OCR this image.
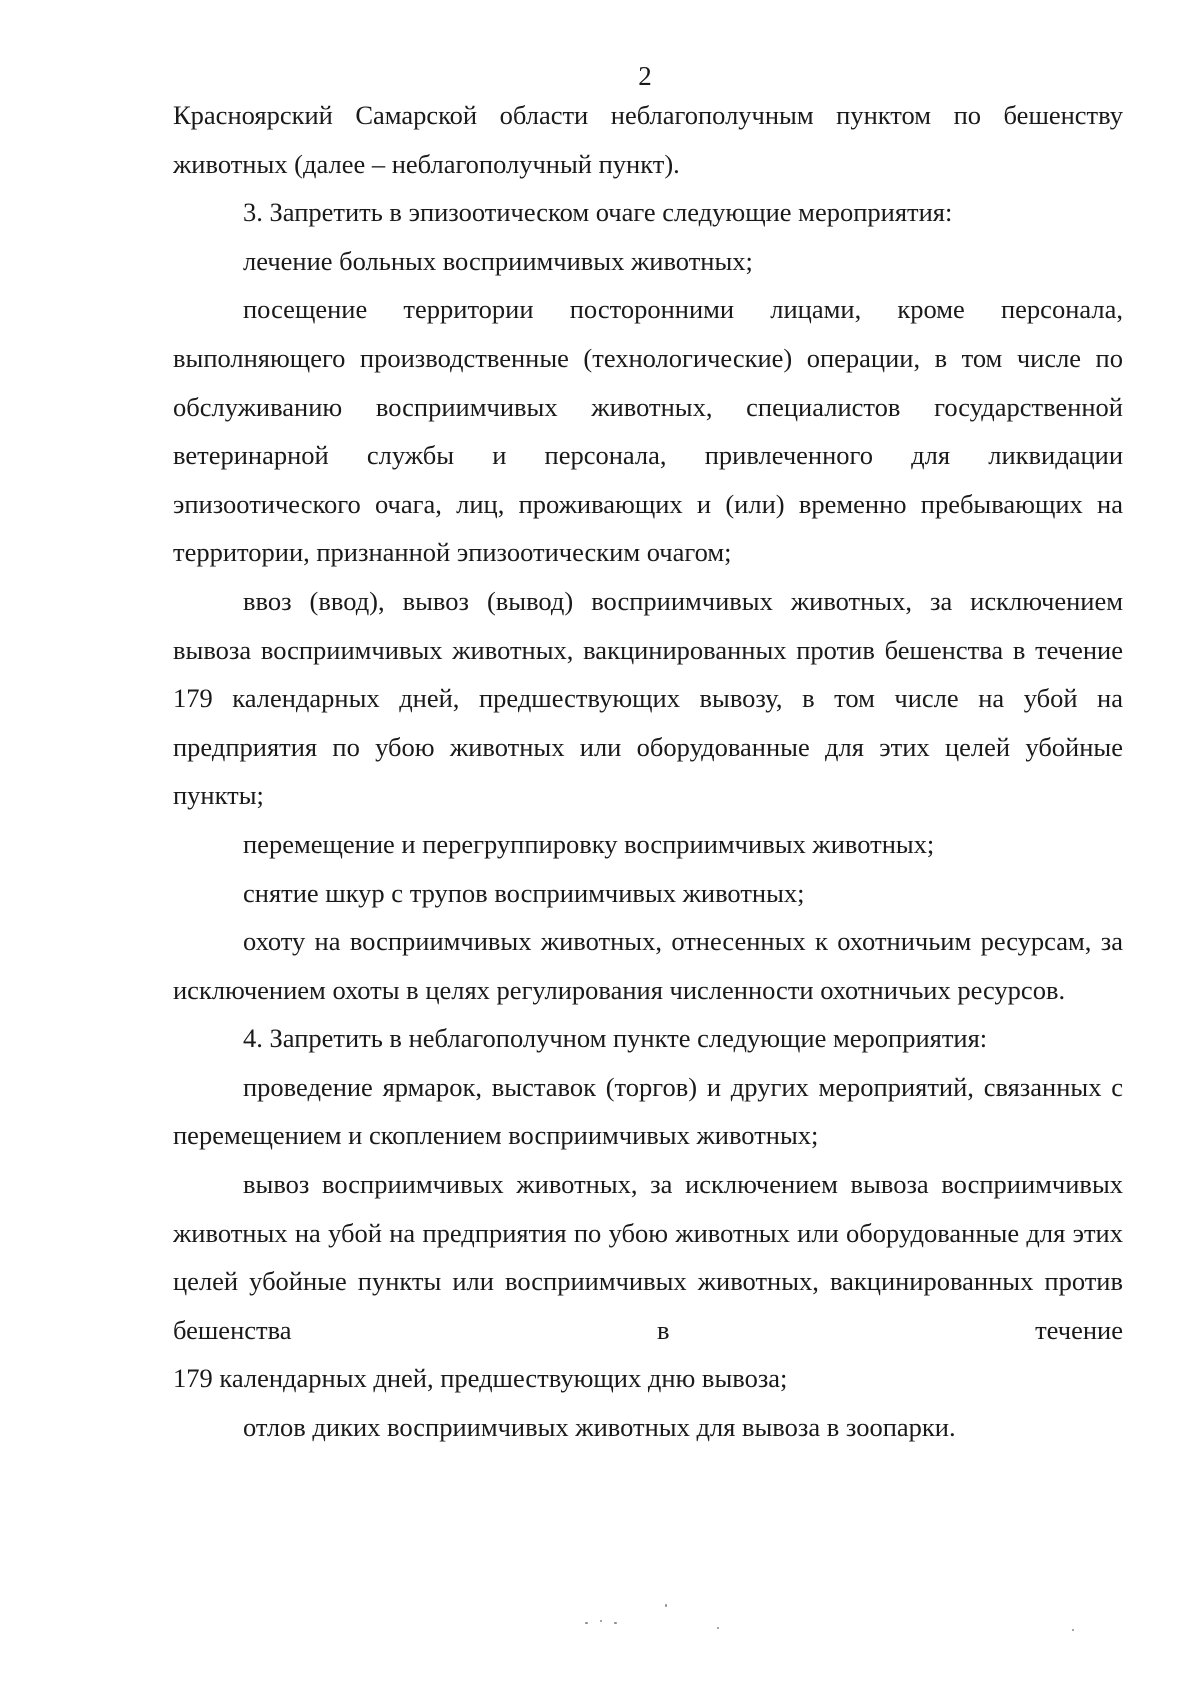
2

Красноярский Самарской области неблагополучным пунктом по бешенству животных (далее – неблагополучный пункт).

3. Запретить в эпизоотическом очаге следующие мероприятия:

лечение больных восприимчивых животных;

посещение территории посторонними лицами, кроме персонала, выполняющего производственные (технологические) операции, в том числе по обслуживанию восприимчивых животных, специалистов государственной ветеринарной службы и персонала, привлеченного для ликвидации эпизоотического очага, лиц, проживающих и (или) временно пребывающих на территории, признанной эпизоотическим очагом;

ввоз (ввод), вывоз (вывод) восприимчивых животных, за исключением вывоза восприимчивых животных, вакцинированных против бешенства в течение 179 календарных дней, предшествующих вывозу, в том числе на убой на предприятия по убою животных или оборудованные для этих целей убойные пункты;

перемещение и перегруппировку восприимчивых животных;

снятие шкур с трупов восприимчивых животных;

охоту на восприимчивых животных, отнесенных к охотничьим ресурсам, за исключением охоты в целях регулирования численности охотничьих ресурсов.

4. Запретить в неблагополучном пункте следующие мероприятия:

проведение ярмарок, выставок (торгов) и других мероприятий, связанных с перемещением и скоплением восприимчивых животных;

вывоз восприимчивых животных, за исключением вывоза восприимчивых животных на убой на предприятия по убою животных или оборудованные для этих целей убойные пункты или восприимчивых животных, вакцинированных против бешенства в течение

179 календарных дней, предшествующих дню вывоза;

отлов диких восприимчивых животных для вывоза в зоопарки.
